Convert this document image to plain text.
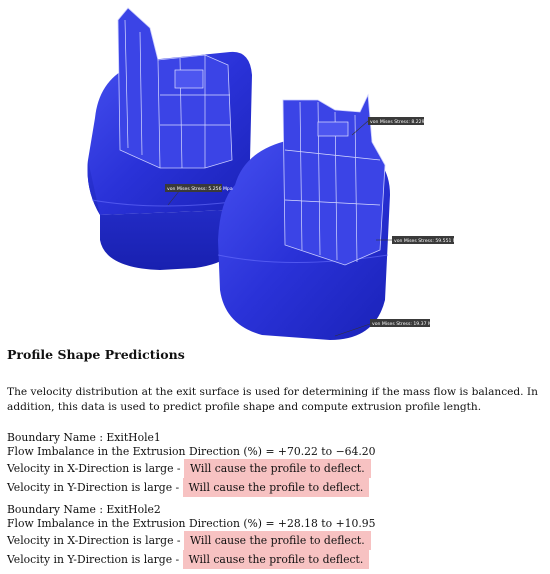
von Mises Stress: 8.229 Mpa
von Mises Stress: 5.256 Mpa
von Mises Stress: 59.551 Mpa
von Mises Stress: 19.37 Mpa
Profile Shape Predictions

The velocity distribution at the exit surface is used for determining if the mass flow is balanced. In addition, this data is used to predict profile shape and compute extrusion profile length.

Boundary Name : ExitHole1
Flow Imbalance in the Extrusion Direction (%) = +70.22 to −64.20
Velocity in X-Direction is large - Will cause the profile to deflect.
Velocity in Y-Direction is large - Will cause the profile to deflect.
Boundary Name : ExitHole2
Flow Imbalance in the Extrusion Direction (%) = +28.18 to +10.95
Velocity in X-Direction is large - Will cause the profile to deflect.
Velocity in Y-Direction is large - Will cause the profile to deflect.
